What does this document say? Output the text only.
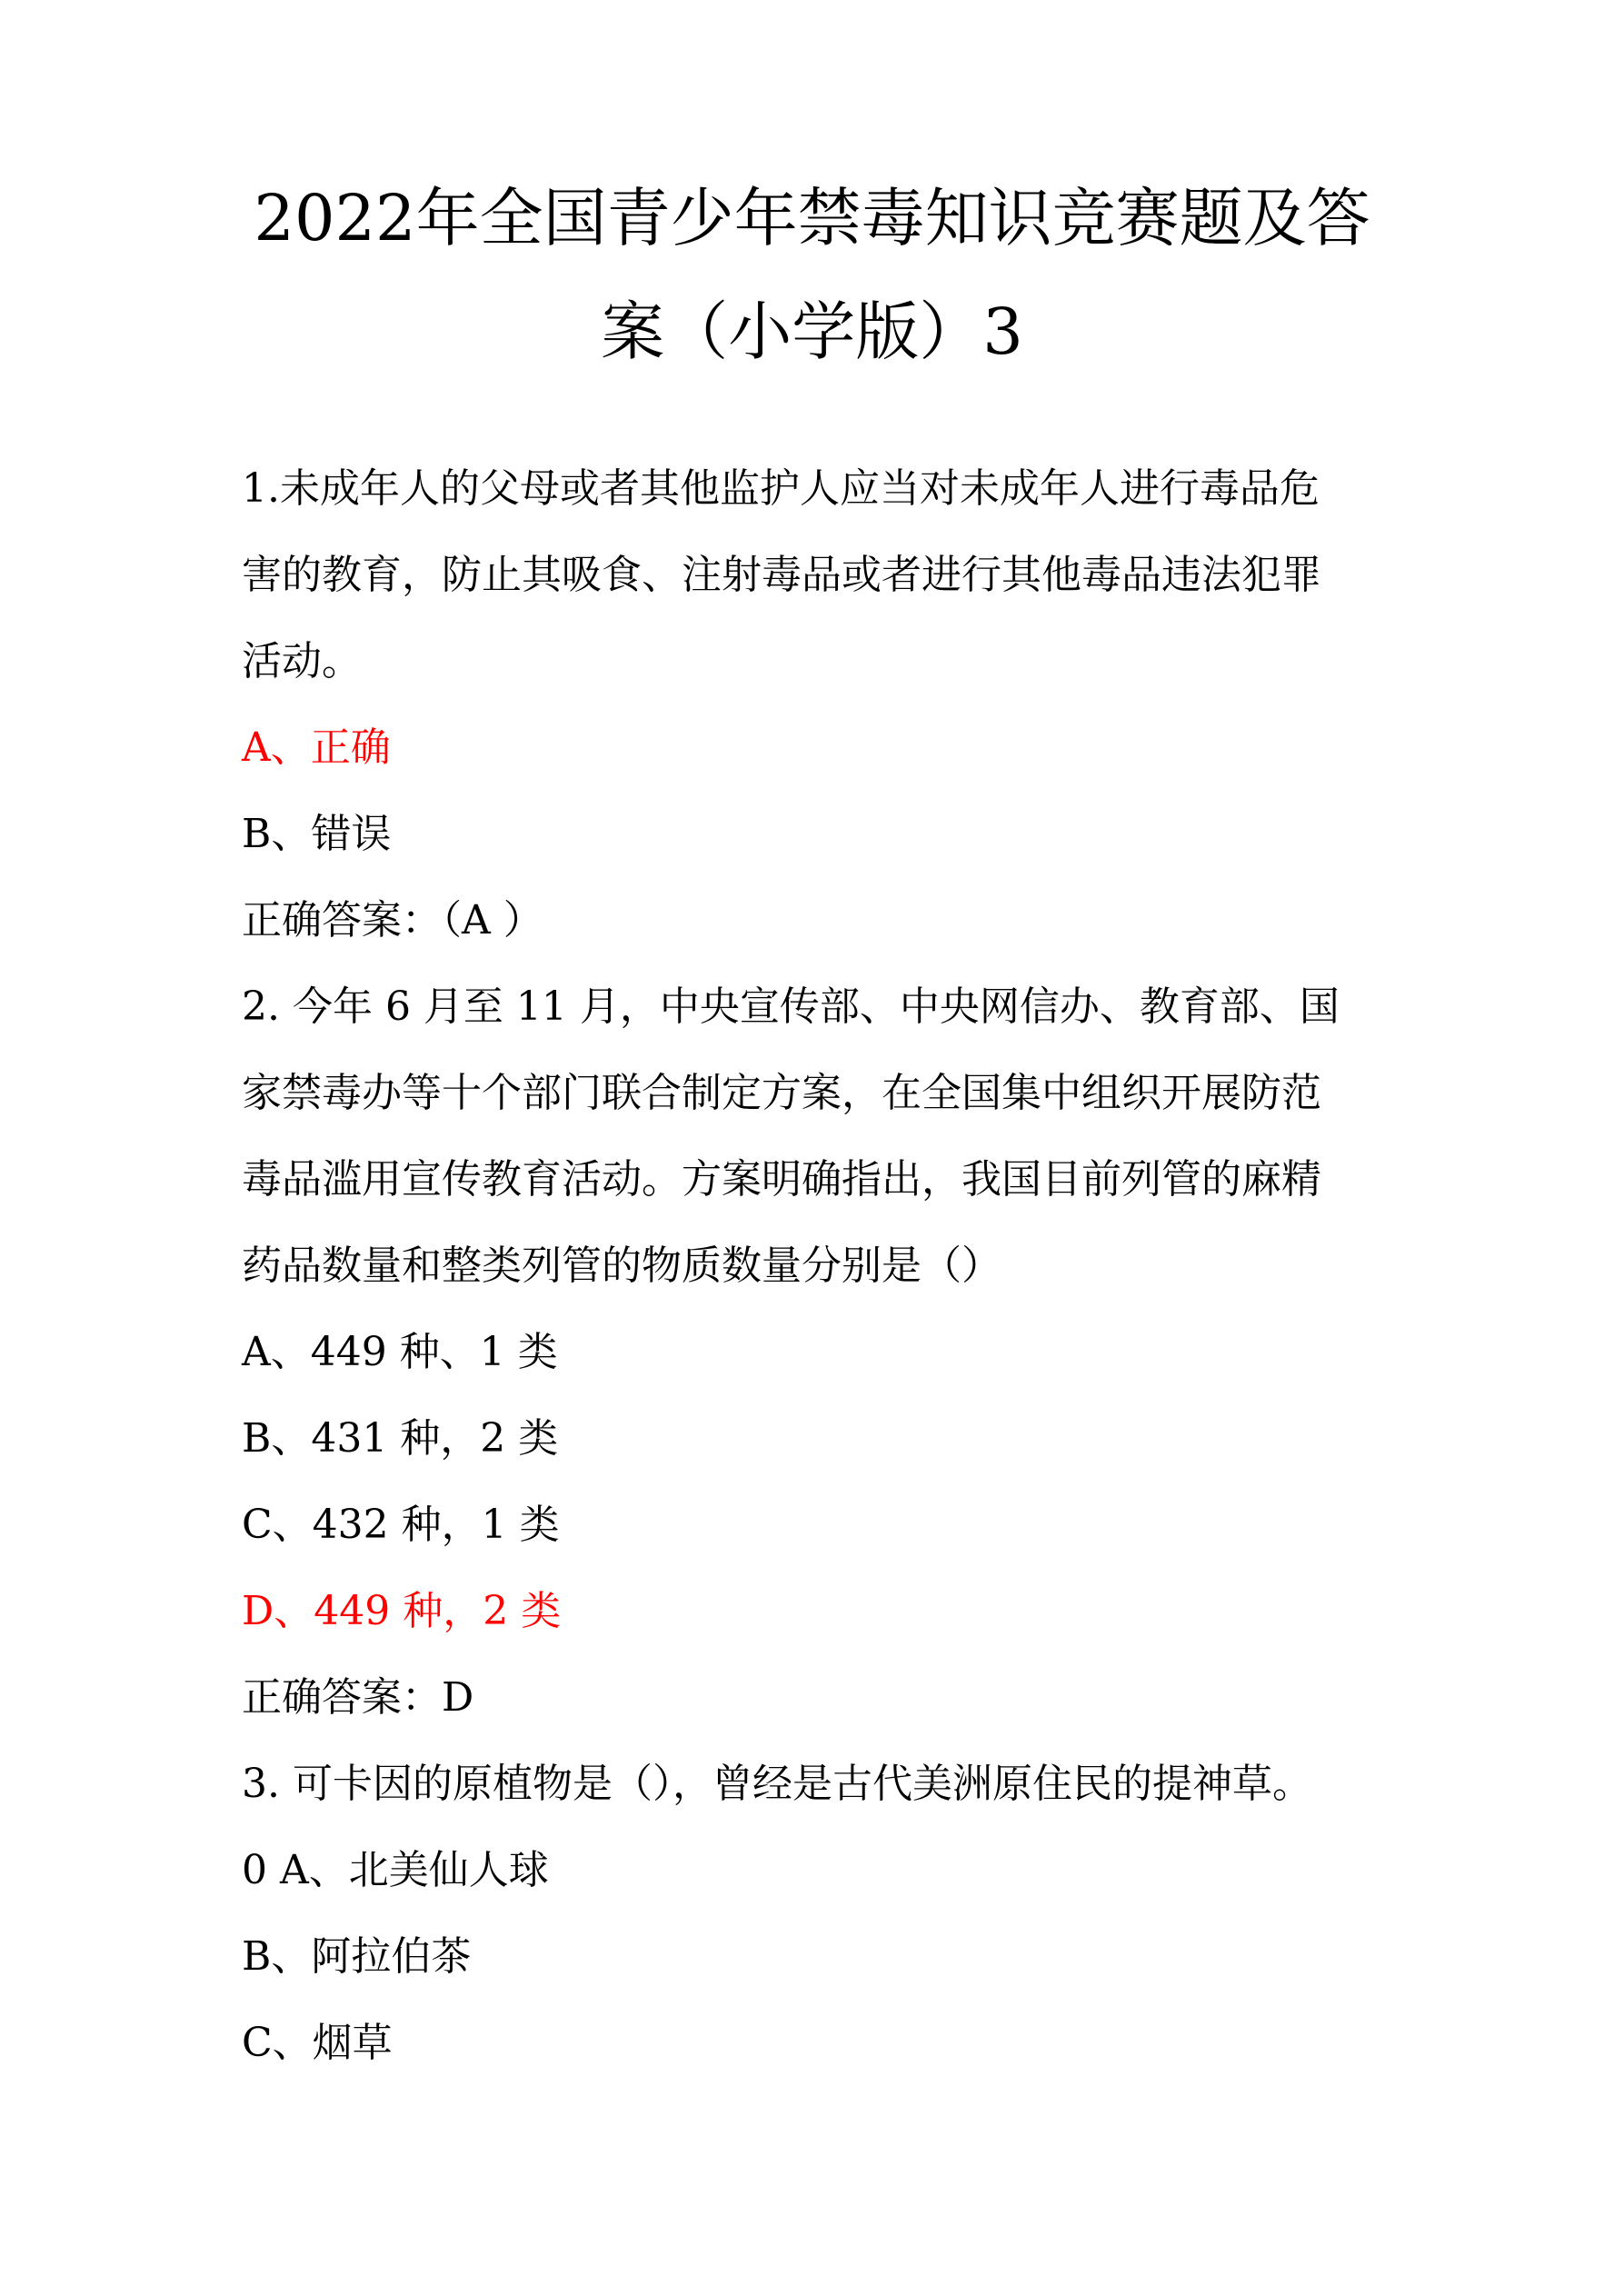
2022年全国青少年禁毒知识竞赛题及答
案（小学版）3
1.未成年人的父母或者其他监护人应当对未成年人进行毒品危
害的教育，防止其吸食、注射毒品或者进行其他毒品违法犯罪
活动。
A、正确
B、错误
正确答案：（A ）
2. 今年 6 月至 11 月，中央宣传部、中央网信办、教育部、国
家禁毒办等十个部门联合制定方案，在全国集中组织开展防范
毒品滥用宣传教育活动。方案明确指出，我国目前列管的麻精
药品数量和整类列管的物质数量分别是（）
A、449 种、1 类
B、431 种，2 类
C、432 种，1 类
D、449 种，2 类
正确答案：D
3. 可卡因的原植物是（），曾经是古代美洲原住民的提神草。
0 A、北美仙人球
B、阿拉伯茶
C、烟草
